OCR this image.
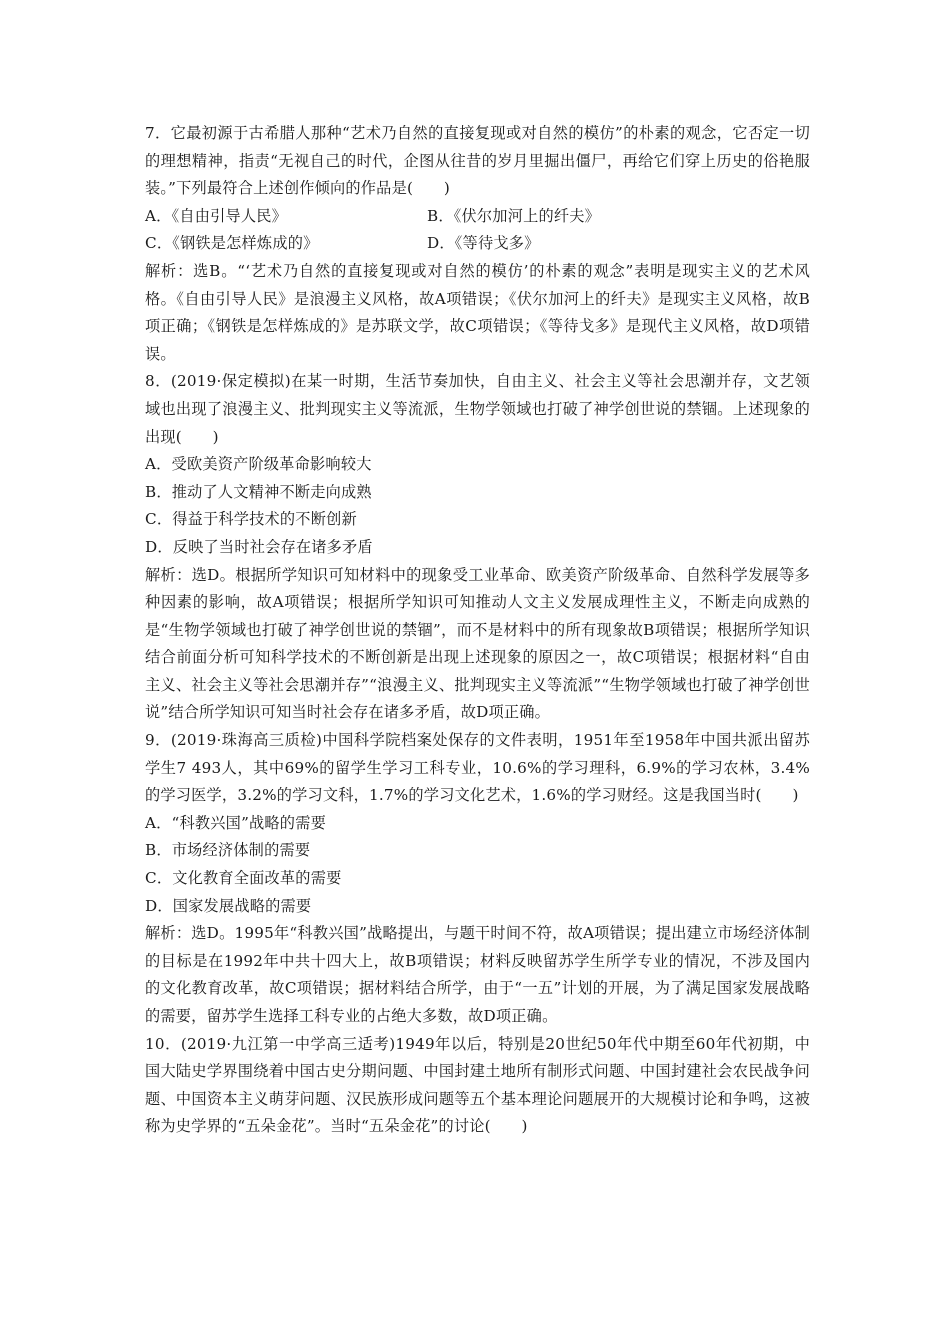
7．它最初源于古希腊人那种“艺术乃自然的直接复现或对自然的模仿”的朴素的观念，它否定一切的理想精神，指责“无视自己的时代，企图从往昔的岁月里掘出僵尸，再给它们穿上历史的俗艳服装。”下列最符合上述创作倾向的作品是(　　)

A．《自由引导人民》	B．《伏尔加河上的纤夫》
C．《钢铁是怎样炼成的》	D．《等待戈多》

解析：选B。“‘艺术乃自然的直接复现或对自然的模仿’的朴素的观念”表明是现实主义的艺术风格。《自由引导人民》是浪漫主义风格，故A项错误；《伏尔加河上的纤夫》是现实主义风格，故B项正确；《钢铁是怎样炼成的》是苏联文学，故C项错误；《等待戈多》是现代主义风格，故D项错误。

8．(2019·保定模拟)在某一时期，生活节奏加快，自由主义、社会主义等社会思潮并存，文艺领域也出现了浪漫主义、批判现实主义等流派，生物学领域也打破了神学创世说的禁锢。上述现象的出现(　　)

A．受欧美资产阶级革命影响较大

B．推动了人文精神不断走向成熟

C．得益于科学技术的不断创新

D．反映了当时社会存在诸多矛盾

解析：选D。根据所学知识可知材料中的现象受工业革命、欧美资产阶级革命、自然科学发展等多种因素的影响，故A项错误；根据所学知识可知推动人文主义发展成理性主义，不断走向成熟的是“生物学领域也打破了神学创世说的禁锢”，而不是材料中的所有现象故B项错误；根据所学知识结合前面分析可知科学技术的不断创新是出现上述现象的原因之一，故C项错误；根据材料“自由主义、社会主义等社会思潮并存”“浪漫主义、批判现实主义等流派”“生物学领域也打破了神学创世说”结合所学知识可知当时社会存在诸多矛盾，故D项正确。

9．(2019·珠海高三质检)中国科学院档案处保存的文件表明，1951年至1958年中国共派出留苏学生7 493人，其中69%的留学生学习工科专业，10.6%的学习理科，6.9%的学习农林，3.4%的学习医学，3.2%的学习文科，1.7%的学习文化艺术，1.6%的学习财经。这是我国当时(　　)

A．“科教兴国”战略的需要

B．市场经济体制的需要

C．文化教育全面改革的需要

D．国家发展战略的需要

解析：选D。1995年“科教兴国”战略提出，与题干时间不符，故A项错误；提出建立市场经济体制的目标是在1992年中共十四大上，故B项错误；材料反映留苏学生所学专业的情况，不涉及国内的文化教育改革，故C项错误；据材料结合所学，由于“一五”计划的开展，为了满足国家发展战略的需要，留苏学生选择工科专业的占绝大多数，故D项正确。

10．(2019·九江第一中学高三适考)1949年以后，特别是20世纪50年代中期至60年代初期，中国大陆史学界围绕着中国古史分期问题、中国封建土地所有制形式问题、中国封建社会农民战争问题、中国资本主义萌芽问题、汉民族形成问题等五个基本理论问题展开的大规模讨论和争鸣，这被称为史学界的“五朵金花”。当时“五朵金花”的讨论(　　)
